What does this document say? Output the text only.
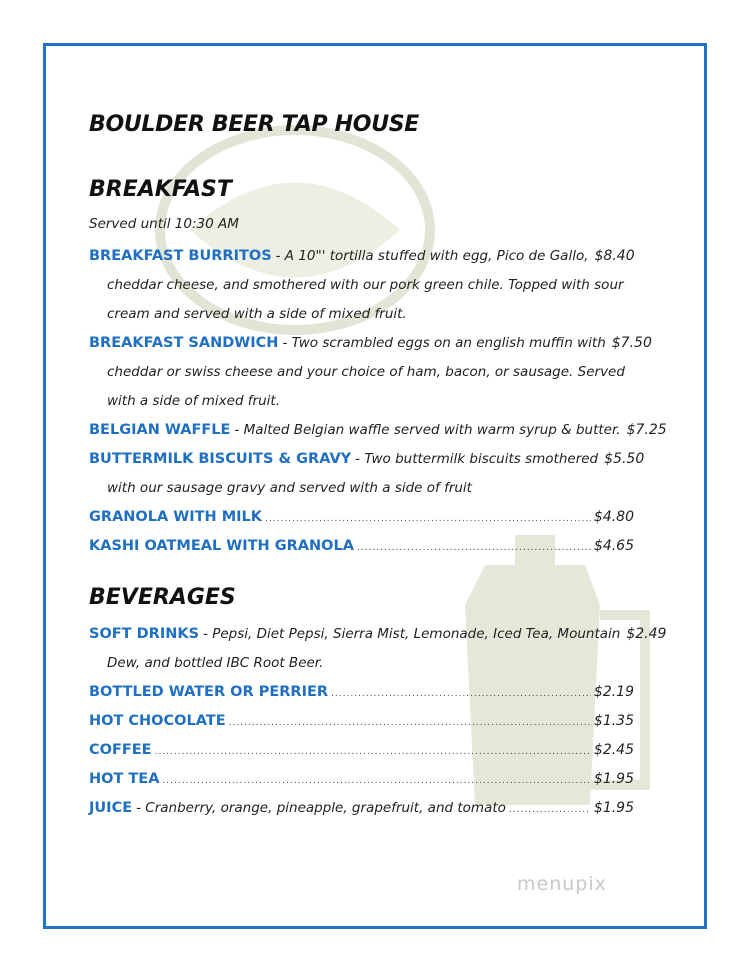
BOULDER BEER TAP HOUSE
BREAKFAST
Served until 10:30 AM
BREAKFAST BURRITOS - A 10"' tortilla stuffed with egg, Pico de Gallo, $8.40
cheddar cheese, and smothered with our pork green chile. Topped with sour
cream and served with a side of mixed fruit.
BREAKFAST SANDWICH - Two scrambled eggs on an english muffin with $7.50
cheddar or swiss cheese and your choice of ham, bacon, or sausage. Served
with a side of mixed fruit.
BELGIAN WAFFLE - Malted Belgian waffle served with warm syrup & butter. $7.25
BUTTERMILK BISCUITS & GRAVY - Two buttermilk biscuits smothered $5.50
with our sausage gravy and served with a side of fruit
GRANOLA WITH MILK .....	$4.80
KASHI OATMEAL WITH GRANOLA .....	$4.65
BEVERAGES
SOFT DRINKS - Pepsi, Diet Pepsi, Sierra Mist, Lemonade, Iced Tea, Mountain $2.49
Dew, and bottled IBC Root Beer.
BOTTLED WATER OR PERRIER .....	$2.19
HOT CHOCOLATE .....	$1.35
COFFEE .....	$2.45
HOT TEA .....	$1.95
JUICE - Cranberry, orange, pineapple, grapefruit, and tomato .....	$1.95
menupix
